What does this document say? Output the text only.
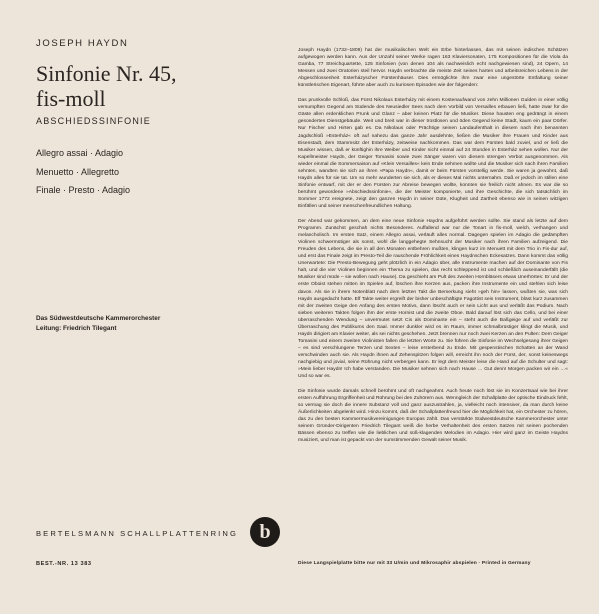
JOSEPH HAYDN

Sinfonie Nr. 45,
fis-moll

ABSCHIEDSSINFONIE

Allegro assai · Adagio
Menuetto · Allegretto
Finale · Presto · Adagio
Das Südwestdeutsche Kammerorchester
Leitung: Friedrich Tilegant
BERTELSMANN SCHALLPLATTENRING b
BEST.-NR. 13 383

Joseph Haydn (1732–1809) hat der musikalischen Welt ein Erbe hinterlassen, das mit seinen indischen Schätzen aufgewogen werden kann. Aus der Unzahl seiner Werke ragen 163 Klaviersonaten, 175 Kompositionen für die Viola da Gamba, 77 Streichquartette, 125 Sinfonien (von denen 104 als nachweislich echt nachgewiesen sind), 24 Opern, 14 Messen und zwei Oratorien steil hervor. Haydn verbrachte die meiste Zeit seines harten und arbeitsreichen Lebens in der Abgeschlossenheit Esterházyscher Fürstenhäuser. Dies ermöglichte ihm zwar eine ungestörte Entfaltung seiner künstlerischen Eigenart, führte aber auch zu kuriosen Episoden wie der folgenden:

Das prunkvolle Schloß, das Fürst Nikolaus Esterházy mit einem Kostenaufwand von zehn Millionen Gulden in einer völlig versumpften Gegend am Südende des Neusiedler Sees nach dem Vorbild von Versailles erbauen ließ, hatte zwar für die Gäste allen erdenklichen Prunk und Glanz – aber keinen Platz für die Musiker. Diese hausten eng gedrängt in einem gesonderten Dienstgebäude. Weit und breit war in dieser trostlosen und öden Gegend keine Stadt, kaum ein paar Dörfer. Nur Fischer und Hirten gab es. Da Nikolaus oder Prächtige seinen Landaufenthalt in diesem nach ihm benannten Jagdschloß »Esterház« oft auf nahezu das ganze Jahr ausdehnte, ließen die Musiker ihre Frauen und Kinder aus Eisenstadt, dem Stammsitz der Esterházy, zeitweise nachkommen. Das war dem Fürsten bald zuviel, und er ließ die Musiker wissen, daß er künftighin ihre Weiber und Kinder nicht einmal auf 24 Stunden in Esterház sehen wollen. Nur der Kapellmeister Haydn, der Geiger Tomasini sowie zwei Sänger waren von diesem strengen Verbot ausgenommen. Als wieder einmal die Sommersaison auf »Klein Versailles« kein Ende nehmen wollte und die Musiker sich nach ihren Familien sehnten, wandten sie sich an ihren »Papa Haydn«, damit er beim Fürsten vorstellig werde. Sie waren ja gewohnt, daß Haydn alles für sie tat. Um so mehr wunderten sie sich, als er dieses Mal nichts unternahm. Daß er jedoch im stillen eine Sinfonie entwarf, mit der er den Fürsten zur Abreise bewegen wollte, konnten sie freilich nicht ahnen. Es war die so berühmt gewordene »Abschiedssinfonie«, die der Meister komponierte, und ihre Geschichte, die sich tatsächlich im Sommer 1772 ereignete, zeigt den ganzen Haydn in seiner Güte, Klugheit und Zartheit ebenso wie in seinen witzigen Einfällen und seiner menschenfreundlichen Haltung.

Der Abend war gekommen, an dem eine neue Sinfonie Haydns aufgeführt werden sollte. Sie stand als letzte auf dem Programm. Zunächst geschah nichts Besonderes. Auffallend war nur die Tonart in fis-moll, welch, verhangen und melancholisch. Im ersten Satz, einem Allegro assai, verläuft alles normal. Dagegen spielen im Adagio die gedämpften Violinen schwermütiger als sonst, wohl die langgehegte Sehnsucht der Musiker nach ihren Familien aufzeigend. Die Freuden des Lebens, die sie in all den Monaten entbehren mußten, klingen kurz im Menuett mit dem Trio in Fis-dur auf, und erst das Finale zeigt im Presto-Teil die rauschende Fröhlichkeit eines Haydnschen Eckesatzes. Dann kommt das völlig Unerwartete: Die Presto-Bewegung geht plötzlich in ein Adagio über, alle Instrumente machen auf der Dominante von Fis halt, und die vier Violinen beginnen ein Thema zu spielen, das recht schleppend ist und schließlich auseinanderfällt (die Musiker sind müde – sie wollen nach Hause). Da geschieht am Pult des zweiten Hornbläsers etwas Unerhörtes: Er und der erste Oboist stehen mitten im Spielen auf, löschen ihre Kerzen aus, packen ihre Instrumente ein und stehlen sich leise davon. Als sie in ihrem Notenblatt nach dem letzten Takt die Bemerkung sieht »geh hin« lassen, wußten sie, was sich Haydn ausgedacht hatte. Elf Takte weiter ergreift der bisher unbeschäftigte Fagottist sein Instrument, bläst kurz zusammen mit der zweiten Geige den Anfang des ersten Motivs, dann löscht auch er sein Licht aus und verläßt das Podium. Nach sieben weiteren Takten folgen ihm der erste Hornist und die zweite Oboe. Bald darauf löst sich das Cello, und bei einer überraschenden Wendung – unvermutet setzt Cis als Dominante ein – steht auch die Baßgeige auf und verläßt zur Überraschung des Publikums den Saal. Immer dunkler wird es im Raum, immer schmalbrüstiger klingt die Musik, und Haydn dirigiert am Klavier weiter, als sei nichts geschehen. Jetzt brennen nur noch zwei Kerzen an den Pulten: Dem Geiger Tomasini und einem zweiten Violinisten fallen die letzten Worte zu. Sie führen die Sinfonie im Wechselgesang ihrer Geigen – es sind verschlungene Terzen und Sexten – leise ersterbend zu Ende. Mit gespenstischen Schatten an der Wand verschwinden auch sie. Als Haydn ihnen auf Zehenspitzen folgen will, erreicht ihn noch der Fürst, der, sonst keineswegs nachgiebig und jovial, seine Rührung nicht verbergen kann. Er legt dem Meister leise die Hand auf die Schulter und sagt: »Mein lieber Haydn! Ich habe verstanden. Die Musiker sehnen sich nach Hause … Gut denn! Morgen packen wir ein …« Und so war es.

Die Sinfonie wurde damals schnell berühmt und oft nachgeahmt. Auch heute noch löst sie im Konzertsaal wie bei ihrer ersten Aufführung Ergriffenheit und Rührung bei den Zuhörern aus. Wenngleich der Schallplatte der optische Eindruck fehlt, so vermag sie doch die innere Substanz voll und ganz auszustrahlen, ja, vielleicht noch intensiver, da man durch keine Äußerlichkeiten abgelenkt wird. Hinzu kommt, daß der Schallplattenfreund hier die Möglichkeit hat, ein Orchester zu hören, das zu den besten Kammermusikvereinigungen Europas zählt. Das verstärkte Südwestdeutsche Kammerorchester unter seinem Gründer-Dirigenten Friedrich Tilegant weiß die herbe Verhaltenheit des ersten Satzes mit seinen pochenden Bässen ebenso zu treffen wie die lieblichen und süß-klagenden Melodien im Adagio. Hier wird ganz im Geiste Haydns musiziert, und man ist gepackt von der sumstimmenden Gewalt seiner Musik.

Diese Langspielplatte bitte nur mit 33 U/min und Mikrosaphir abspielen · Printed in Germany
